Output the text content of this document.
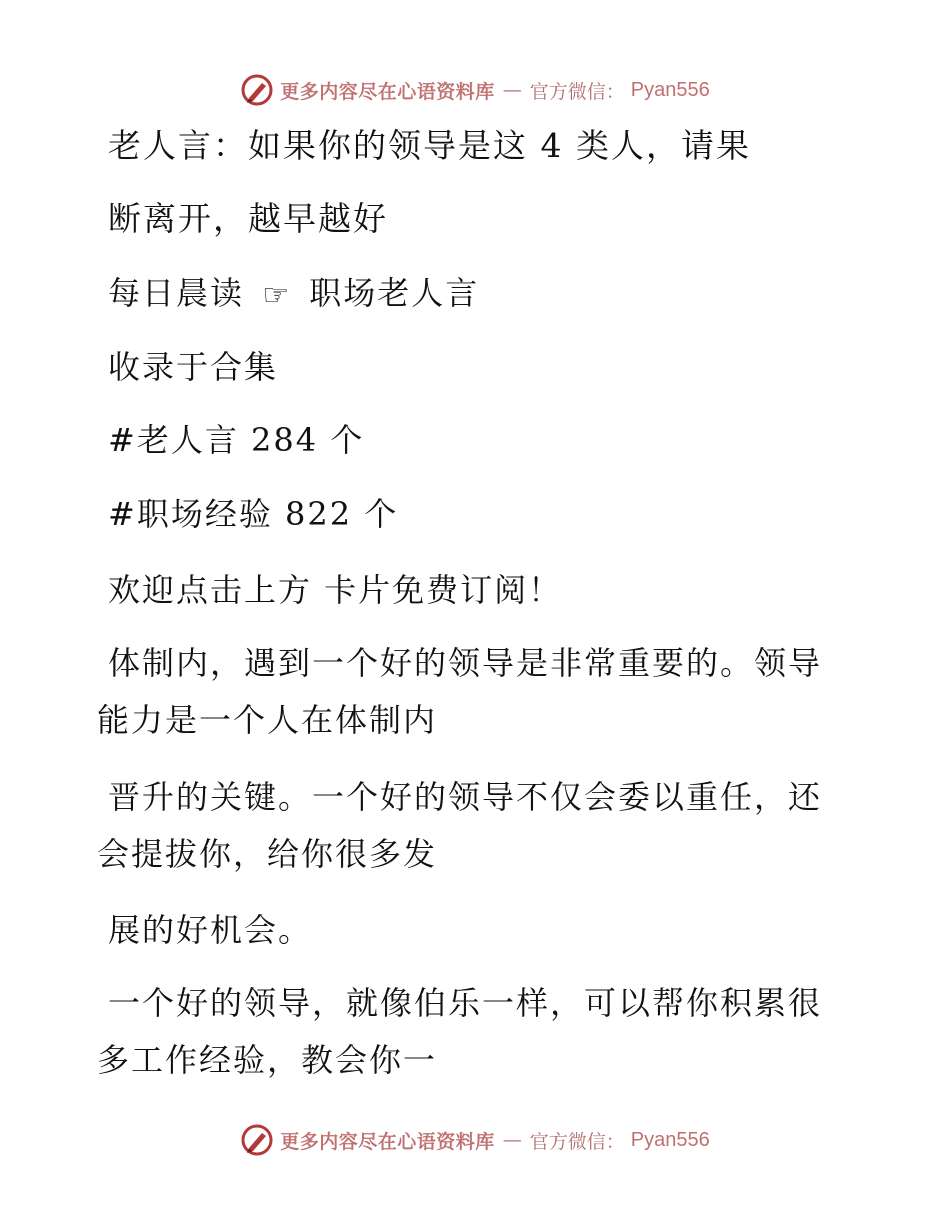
更多内容尽在心语资料库 — 官方微信： Pyan556
老人言：如果你的领导是这 4 类人，请果
断离开，越早越好
每日晨读 ☞ 职场老人言
收录于合集
#老人言 284 个
#职场经验 822 个
欢迎点击上方 卡片免费订阅！
体制内，遇到一个好的领导是非常重要的。领导
能力是一个人在体制内
晋升的关键。一个好的领导不仅会委以重任，还
会提拔你，给你很多发
展的好机会。
一个好的领导，就像伯乐一样，可以帮你积累很
多工作经验，教会你一
更多内容尽在心语资料库 — 官方微信： Pyan556
